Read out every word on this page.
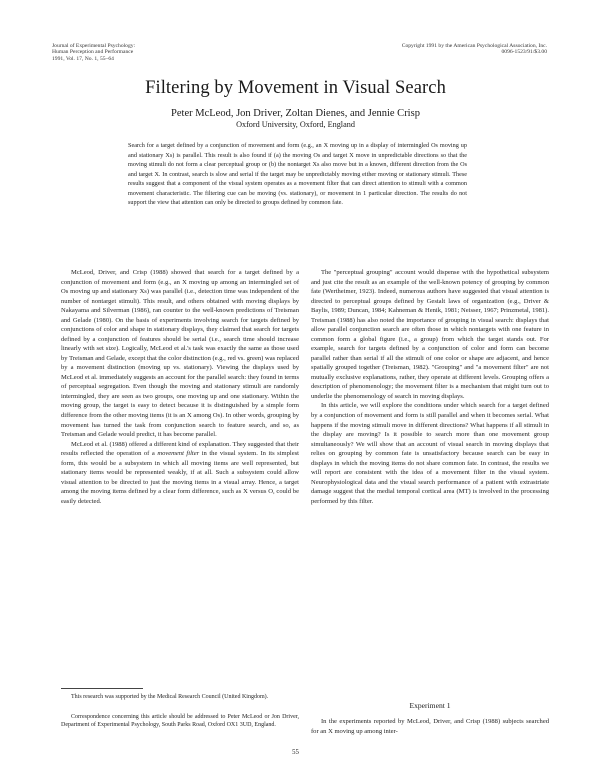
Journal of Experimental Psychology:
Human Perception and Performance
1991, Vol. 17, No. 1, 55–64
Copyright 1991 by the American Psychological Association, Inc.
0096-1523/91/$3.00
Filtering by Movement in Visual Search
Peter McLeod, Jon Driver, Zoltan Dienes, and Jennie Crisp
Oxford University, Oxford, England
Search for a target defined by a conjunction of movement and form (e.g., an X moving up in a display of intermingled Os moving up and stationary Xs) is parallel. This result is also found if (a) the moving Os and target X move in unpredictable directions so that the moving stimuli do not form a clear perceptual group or (b) the nontarget Xs also move but in a known, different direction from the Os and target X. In contrast, search is slow and serial if the target may be unpredictably moving either moving or stationary stimuli. These results suggest that a component of the visual system operates as a movement filter that can direct attention to stimuli with a common movement characteristic. The filtering cue can be moving (vs. stationary), or movement in 1 particular direction. The results do not support the view that attention can only be directed to groups defined by common fate.

McLeod, Driver, and Crisp (1988) showed that search for a target defined by a conjunction of movement and form (e.g., an X moving up among an intermingled set of Os moving up and stationary Xs) was parallel (i.e., detection time was independent of the number of nontarget stimuli). This result, and others obtained with moving displays by Nakayama and Silverman (1986), ran counter to the well-known predictions of Treisman and Gelade (1980). On the basis of experiments involving search for targets defined by conjunctions of color and shape in stationary displays, they claimed that search for targets defined by a conjunction of features should be serial (i.e., search time should increase linearly with set size). Logically, McLeod et al.'s task was exactly the same as those used by Treisman and Gelade, except that the color distinction (e.g., red vs. green) was replaced by a movement distinction (moving up vs. stationary). Viewing the displays used by McLeod et al. immediately suggests an account for the parallel search: they found in terms of perceptual segregation. Even though the moving and stationary stimuli are randomly intermingled, they are seen as two groups, one moving up and one stationary. Within the moving group, the target is easy to detect because it is distinguished by a simple form difference from the other moving items (it is an X among Os). In other words, grouping by movement has turned the task from conjunction search to feature search, and so, as Treisman and Gelade would predict, it has become parallel.

McLeod et al. (1988) offered a different kind of explanation. They suggested that their results reflected the operation of a movement filter in the visual system. In its simplest form, this would be a subsystem in which all moving items are well represented, but stationary items would be represented weakly, if at all. Such a subsystem could allow visual attention to be directed to just the moving items in a visual array. Hence, a target among the moving items defined by a clear form difference, such as X versus O, could be easily detected.

The "perceptual grouping" account would dispense with the hypothetical subsystem and just cite the result as an example of the well-known potency of grouping by common fate (Wertheimer, 1923). Indeed, numerous authors have suggested that visual attention is directed to perceptual groups defined by Gestalt laws of organization (e.g., Driver & Baylis, 1989; Duncan, 1984; Kahneman & Henik, 1981; Neisser, 1967; Prinzmetal, 1981). Treisman (1988) has also noted the importance of grouping in visual search: displays that allow parallel conjunction search are often those in which nontargets with one feature in common form a global figure (i.e., a group) from which the target stands out. For example, search for targets defined by a conjunction of color and form can become parallel rather than serial if all the stimuli of one color or shape are adjacent, and hence spatially grouped together (Treisman, 1982). "Grouping" and "a movement filter" are not mutually exclusive explanations, rather, they operate at different levels. Grouping offers a description of phenomenology; the movement filter is a mechanism that might turn out to underlie the phenomenology of search in moving displays.

In this article, we will explore the conditions under which search for a target defined by a conjunction of movement and form is still parallel and when it becomes serial. What happens if the moving stimuli move in different directions? What happens if all stimuli in the display are moving? Is it possible to search more than one movement group simultaneously? We will show that an account of visual search in moving displays that relies on grouping by common fate is unsatisfactory because search can be easy in displays in which the moving items do not share common fate. In contrast, the results we will report are consistent with the idea of a movement filter in the visual system. Neurophysiological data and the visual search performance of a patient with extrastriate damage suggest that the medial temporal cortical area (MT) is involved in the processing performed by this filter.

This research was supported by the Medical Research Council (United Kingdom).
Correspondence concerning this article should be addressed to Peter McLeod or Jon Driver, Department of Experimental Psychology, South Parks Road, Oxford OX1 3UD, England.
Experiment 1
In the experiments reported by McLeod, Driver, and Crisp (1988) subjects searched for an X moving up among inter-
55
